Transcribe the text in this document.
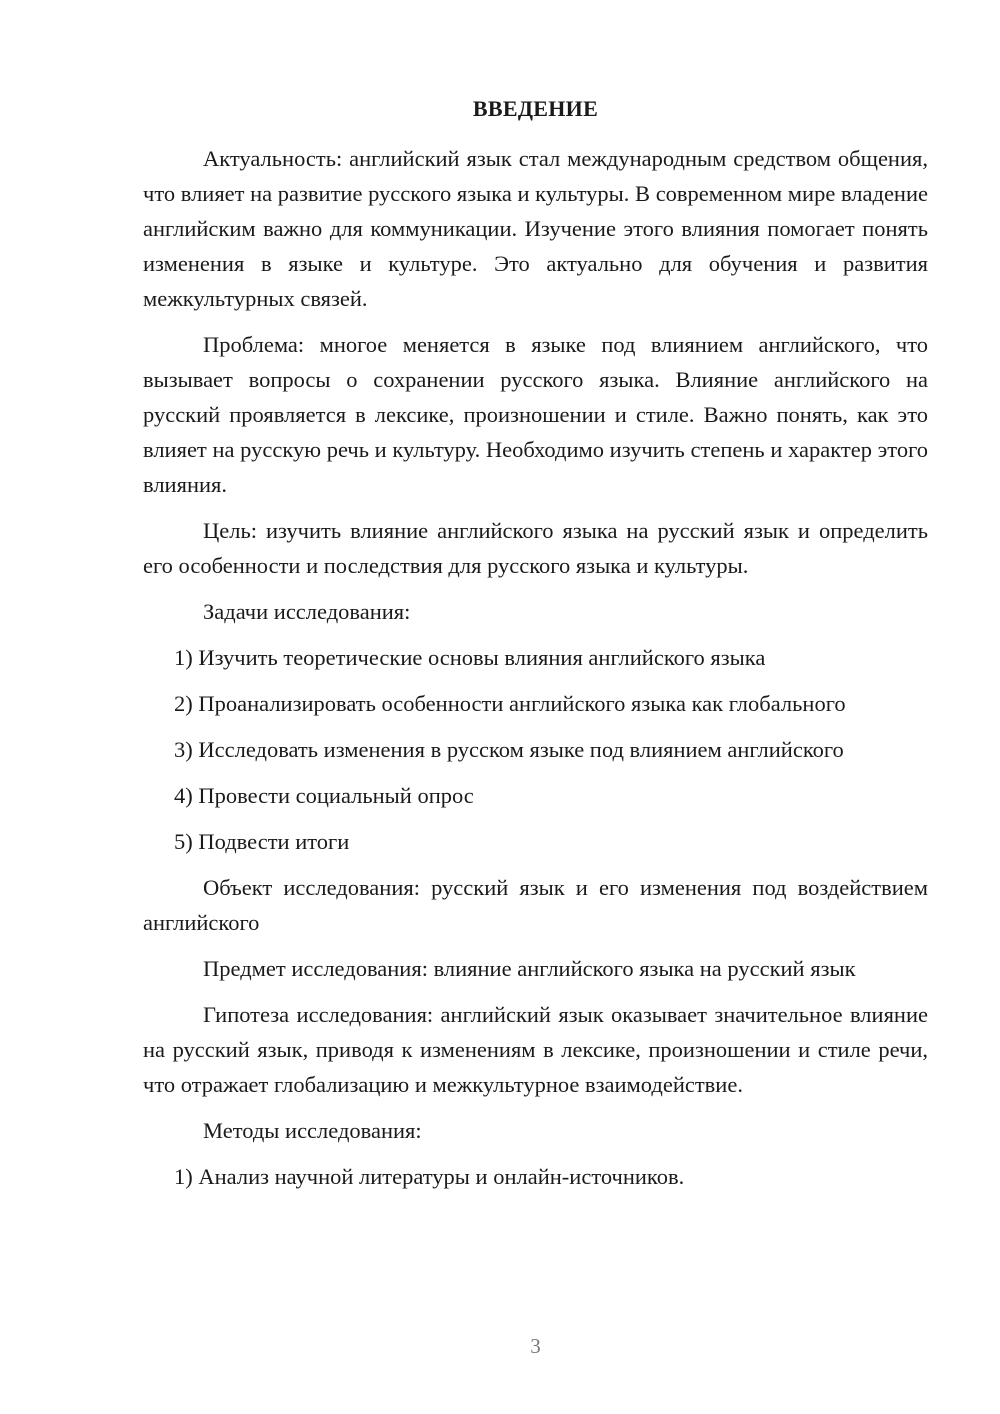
ВВЕДЕНИЕ

Актуальность: английский язык стал международным средством общения, что влияет на развитие русского языка и культуры. В современном мире владение английским важно для коммуникации. Изучение этого влияния помогает понять изменения в языке и культуре. Это актуально для обучения и развития межкультурных связей.

Проблема: многое меняется в языке под влиянием английского, что вызывает вопросы о сохранении русского языка. Влияние английского на русский проявляется в лексике, произношении и стиле. Важно понять, как это влияет на русскую речь и культуру. Необходимо изучить степень и характер этого влияния.

Цель: изучить влияние английского языка на русский язык и определить его особенности и последствия для русского языка и культуры.

Задачи исследования:

1) Изучить теоретические основы влияния английского языка

2) Проанализировать особенности английского языка как глобального

3) Исследовать изменения в русском языке под влиянием английского

4) Провести социальный опрос

5) Подвести итоги

Объект исследования: русский язык и его изменения под воздействием английского

Предмет исследования: влияние английского языка на русский язык

Гипотеза исследования: английский язык оказывает значительное влияние на русский язык, приводя к изменениям в лексике, произношении и стиле речи, что отражает глобализацию и межкультурное взаимодействие.

Методы исследования:

1) Анализ научной литературы и онлайн-источников.

3
